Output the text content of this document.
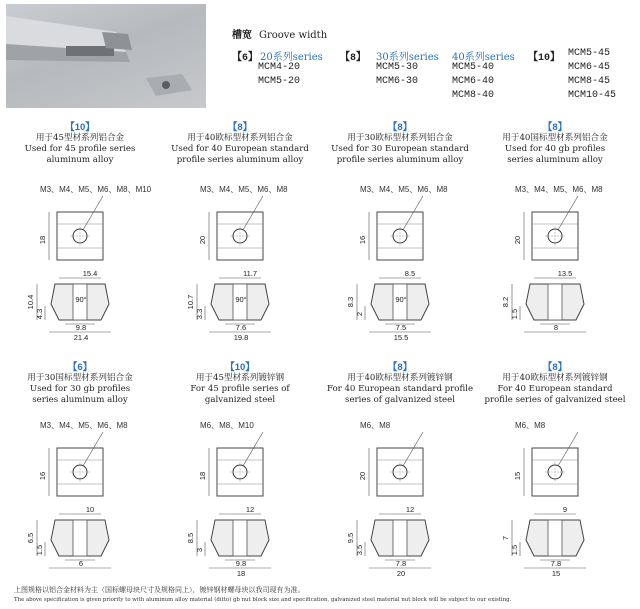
槽宽 Groove width
【6】 20系列series
MCM4-20
MCM5-20
【8】 30系列series
MCM5-30
MCM6-30
40系列series
MCM5-40
MCM6-40
MCM8-40
【10】 MCM5-45
MCM6-45
MCM8-45
MCM10-45
【10】
用于45型材系列铝合金
Used for 45 profile series
aluminum alloy
M3、M4、M5、M6、M8、M10
18
15.4
10.4
4.3
9.8
21.4
90°
【8】
用于40欧标型材系列铝合金
Used for 40 European standard
profile series aluminum alloy
M3、M4、M5、M6、M8
20
11.7
10.7
3.3
7.6
19.8
90°
【8】
用于30欧标型材系列铝合金
Used for 30 European standard
profile series aluminum alloy
M3、M4、M5、M6、M8
16
8.5
8.3
2
7.5
15.5
90°
【8】
用于40国标型材系列铝合金
Used for 40 gb profiles
series aluminum alloy
M3、M4、M5、M6、M8
20
13.5
8.2
1.5
8
【6】
用于30国标型材系列铝合金
Used for 30 gb profiles
series aluminum alloy
M3、M4、M5、M6、M8
16
10
6.5
1.5
6
【10】
用于45型材系列镀锌钢
For 45 profile series of
galvanized steel
M6、M8、M10
18
12
8.5
3
9.8
18
【8】
用于40欧标型材系列镀锌钢
For 40 European standard profile
series of galvanized steel
M6、M8
20
12
9.5
3.5
7.8
20
【8】
用于40欧标型材系列镀锌钢
For 40 European standard
profile series of galvanized steel
M6、M8
15
9
7
1.5
7.8
15
上图规格以铝合金材料为主（国标螺母块尺寸及规格同上），镀锌钢材螺母块以我司现有为准。
The above specification is given priority to with aluminum alloy material (ditto) gb nut block size and specification, galvanized steel material nut block will be subject to our existing.
